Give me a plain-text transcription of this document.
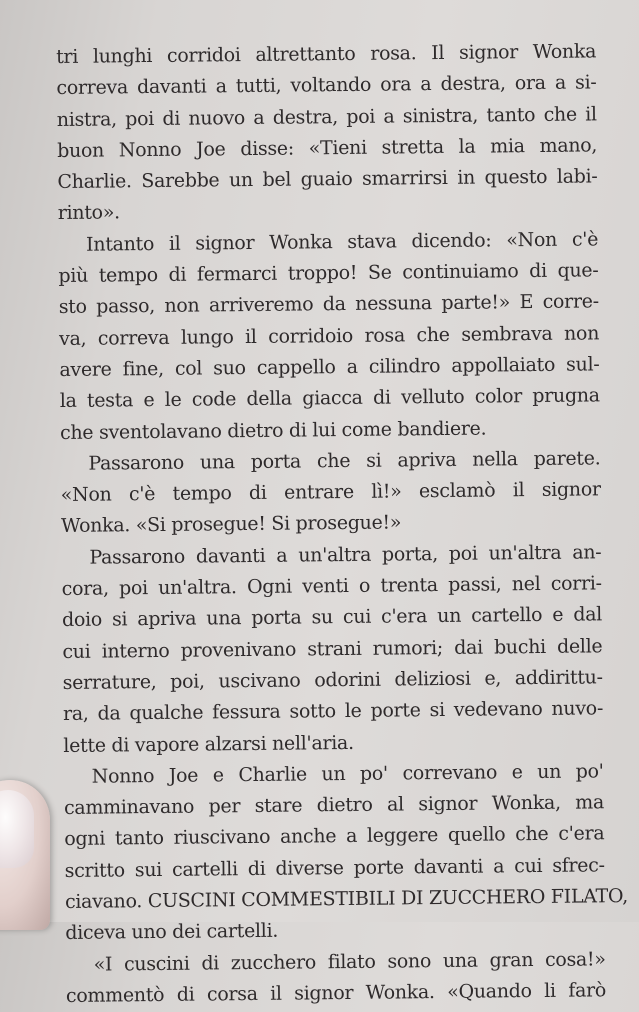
tri lunghi corridoi altrettanto rosa. Il signor Wonka
correva davanti a tutti, voltando ora a destra, ora a si-
nistra, poi di nuovo a destra, poi a sinistra, tanto che il
buon Nonno Joe disse: «Tieni stretta la mia mano,
Charlie. Sarebbe un bel guaio smarrirsi in questo labi-
rinto».
Intanto il signor Wonka stava dicendo: «Non c'è
più tempo di fermarci troppo! Se continuiamo di que-
sto passo, non arriveremo da nessuna parte!» E corre-
va, correva lungo il corridoio rosa che sembrava non
avere fine, col suo cappello a cilindro appollaiato sul-
la testa e le code della giacca di velluto color prugna
che sventolavano dietro di lui come bandiere.
Passarono una porta che si apriva nella parete.
«Non c'è tempo di entrare lì!» esclamò il signor
Wonka. «Si prosegue! Si prosegue!»
Passarono davanti a un'altra porta, poi un'altra an-
cora, poi un'altra. Ogni venti o trenta passi, nel corri-
doio si apriva una porta su cui c'era un cartello e dal
cui interno provenivano strani rumori; dai buchi delle
serrature, poi, uscivano odorini deliziosi e, addirittu-
ra, da qualche fessura sotto le porte si vedevano nuvo-
lette di vapore alzarsi nell'aria.
Nonno Joe e Charlie un po' correvano e un po'
camminavano per stare dietro al signor Wonka, ma
ogni tanto riuscivano anche a leggere quello che c'era
scritto sui cartelli di diverse porte davanti a cui sfrec-
ciavano. CUSCINI COMMESTIBILI DI ZUCCHERO FILATO,
diceva uno dei cartelli.
«I cuscini di zucchero filato sono una gran cosa!»
commentò di corsa il signor Wonka. «Quando li farò
